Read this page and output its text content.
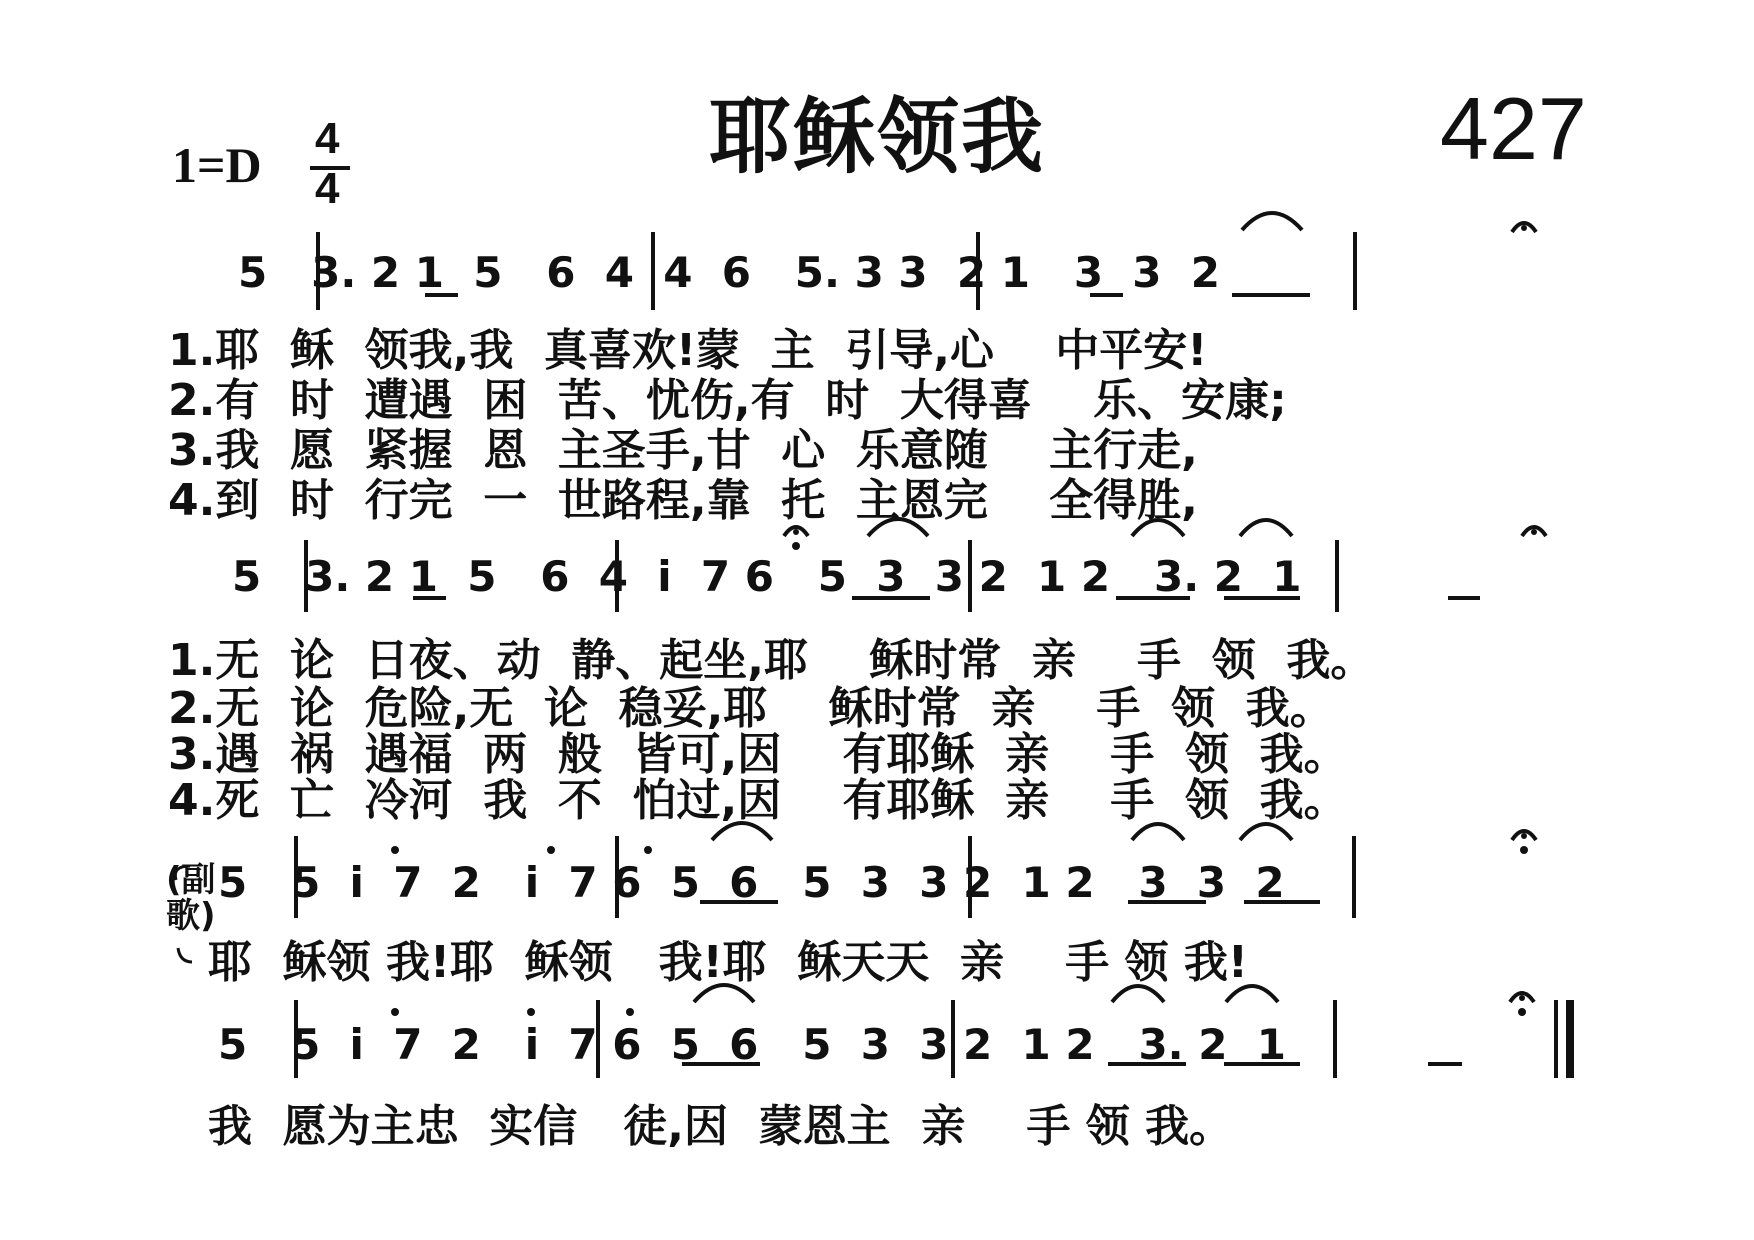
耶稣领我	427
1=D 4
4
5   3. 2 1  5   6  4  4  6   5. 3 3  2 1   3  3  2
1.耶  稣  领我,我  真喜欢!蒙  主  引导,心    中平安!
2.有  时  遭遇  困  苦、忧伤,有  时  大得喜    乐、安康;
3.我  愿  紧握  恩  主圣手,甘  心  乐意随    主行走,
4.到  时  行完  一  世路程,靠  托  主恩完    全得胜,
5   3. 2 1  5   6  4  i  7 6   5  3  3 2  1 2   3. 2  1
1.无  论  日夜、动  静、起坐,耶    稣时常  亲    手  领  我。
2.无  论  危险,无  论  稳妥,耶    稣时常  亲    手  领  我。
3.遇  祸  遇福  两  般  皆可,因    有耶稣  亲    手  领  我。
4.死  亡  冷河  我  不  怕过,因    有耶稣  亲    手  领  我。
(副歌)
5   5  i  7  2   i  7 6  5  6   5  3  3 2  1 2   3  3  2
耶  稣领 我!耶  稣领   我!耶  稣天天  亲    手 领 我!
5   5  i  7  2   i  7 6  5  6   5  3  3 2  1 2   3. 2  1
我  愿为主忠  实信   徒,因  蒙恩主  亲    手 领 我。
